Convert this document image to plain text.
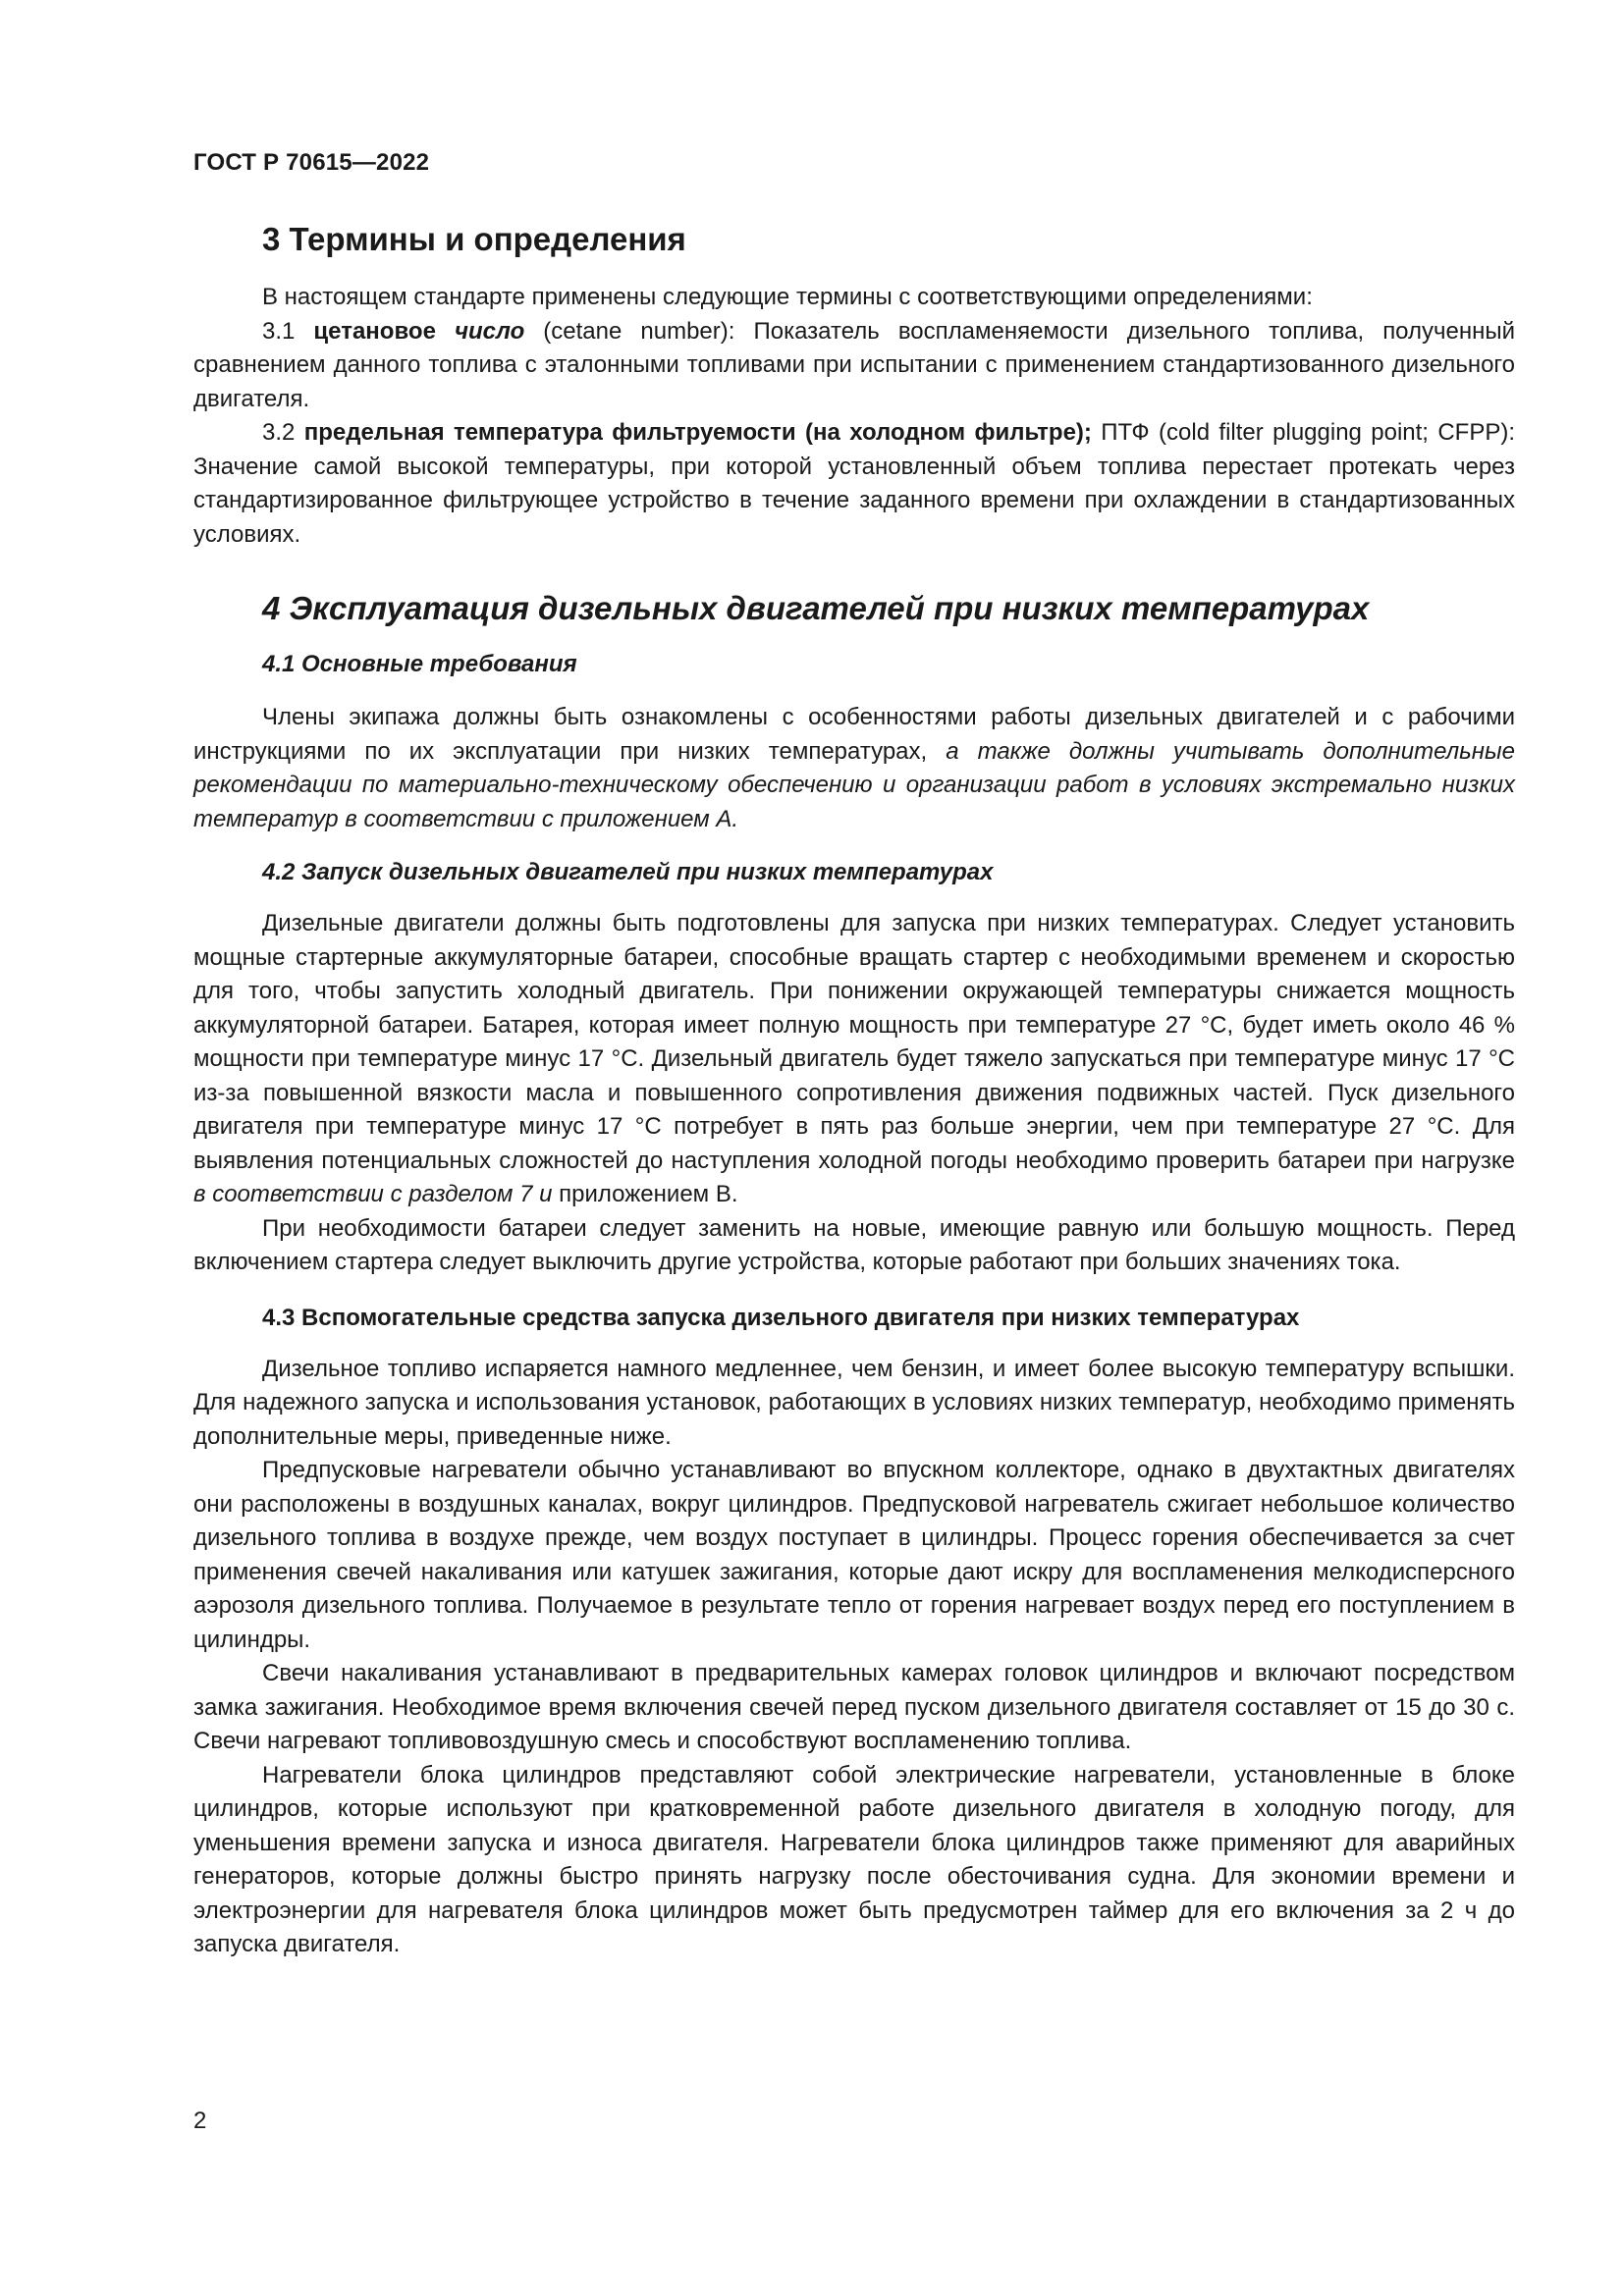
ГОСТ Р 70615—2022
3 Термины и определения

В настоящем стандарте применены следующие термины с соответствующими определениями:

3.1 цетановое число (cetane number): Показатель воспламеняемости дизельного топлива, полученный сравнением данного топлива с эталонными топливами при испытании с применением стандартизованного дизельного двигателя.

3.2 предельная температура фильтруемости (на холодном фильтре); ПТФ (cold filter plugging point; CFPP): Значение самой высокой температуры, при которой установленный объем топлива перестает протекать через стандартизированное фильтрующее устройство в течение заданного времени при охлаждении в стандартизованных условиях.

4 Эксплуатация дизельных двигателей при низких температурах
4.1 Основные требования

Члены экипажа должны быть ознакомлены с особенностями работы дизельных двигателей и с рабочими инструкциями по их эксплуатации при низких температурах, а также должны учитывать дополнительные рекомендации по материально-техническому обеспечению и организации работ в условиях экстремально низких температур в соответствии с приложением А.

4.2 Запуск дизельных двигателей при низких температурах

Дизельные двигатели должны быть подготовлены для запуска при низких температурах. Следует установить мощные стартерные аккумуляторные батареи, способные вращать стартер с необходимыми временем и скоростью для того, чтобы запустить холодный двигатель. При понижении окружающей температуры снижается мощность аккумуляторной батареи. Батарея, которая имеет полную мощность при температуре 27 °С, будет иметь около 46 % мощности при температуре минус 17 °С. Дизельный двигатель будет тяжело запускаться при температуре минус 17 °С из-за повышенной вязкости масла и повышенного сопротивления движения подвижных частей. Пуск дизельного двигателя при температуре минус 17 °С потребует в пять раз больше энергии, чем при температуре 27 °С. Для выявления потенциальных сложностей до наступления холодной погоды необходимо проверить батареи при нагрузке в соответствии с разделом 7 и приложением В.

При необходимости батареи следует заменить на новые, имеющие равную или большую мощность. Перед включением стартера следует выключить другие устройства, которые работают при больших значениях тока.

4.3 Вспомогательные средства запуска дизельного двигателя при низких температурах

Дизельное топливо испаряется намного медленнее, чем бензин, и имеет более высокую температуру вспышки. Для надежного запуска и использования установок, работающих в условиях низких температур, необходимо применять дополнительные меры, приведенные ниже.

Предпусковые нагреватели обычно устанавливают во впускном коллекторе, однако в двухтактных двигателях они расположены в воздушных каналах, вокруг цилиндров. Предпусковой нагреватель сжигает небольшое количество дизельного топлива в воздухе прежде, чем воздух поступает в цилиндры. Процесс горения обеспечивается за счет применения свечей накаливания или катушек зажигания, которые дают искру для воспламенения мелкодисперсного аэрозоля дизельного топлива. Получаемое в результате тепло от горения нагревает воздух перед его поступлением в цилиндры.

Свечи накаливания устанавливают в предварительных камерах головок цилиндров и включают посредством замка зажигания. Необходимое время включения свечей перед пуском дизельного двигателя составляет от 15 до 30 с. Свечи нагревают топливовоздушную смесь и способствуют воспламенению топлива.

Нагреватели блока цилиндров представляют собой электрические нагреватели, установленные в блоке цилиндров, которые используют при кратковременной работе дизельного двигателя в холодную погоду, для уменьшения времени запуска и износа двигателя. Нагреватели блока цилиндров также применяют для аварийных генераторов, которые должны быстро принять нагрузку после обесточивания судна. Для экономии времени и электроэнергии для нагревателя блока цилиндров может быть предусмотрен таймер для его включения за 2 ч до запуска двигателя.

2
